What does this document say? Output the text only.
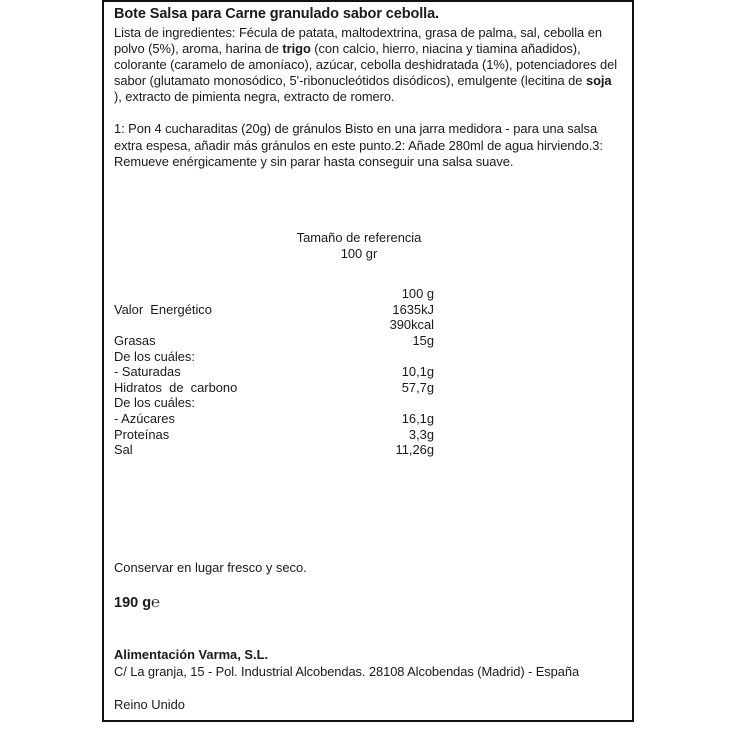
Bote Salsa para Carne granulado sabor cebolla.
Lista de ingredientes: Fécula de patata, maltodextrina, grasa de palma, sal, cebolla en polvo (5%), aroma, harina de trigo (con calcio, hierro, niacina y tiamina añadidos), colorante (caramelo de amoníaco), azúcar, cebolla deshidratada (1%), potenciadores del sabor (glutamato monosódico, 5'-ribonucleótidos disódicos), emulgente (lecitina de soja ), extracto de pimienta negra, extracto de romero.
1: Pon 4 cucharaditas (20g) de gránulos Bisto en una jarra medidora - para una salsa extra espesa, añadir más gránulos en este punto.2: Añade 280ml de agua hirviendo.3: Remueve enérgicamente y sin parar hasta conseguir una salsa suave.
Tamaño de referencia 100 gr
	100 g
Valor  Energético	1635kJ
	390kcal
Grasas	15g
De los cuáles:	
- Saturadas	10,1g
Hidratos  de  carbono	57,7g
De los cuáles:	
- Azúcares	16,1g
Proteínas	3,3g
Sal	11,26g
Conservar en lugar fresco y seco.
190 g℮
Alimentación Varma, S.L.
C/ La granja, 15 - Pol. Industrial Alcobendas. 28108 Alcobendas (Madrid) - España
Reino Unido
